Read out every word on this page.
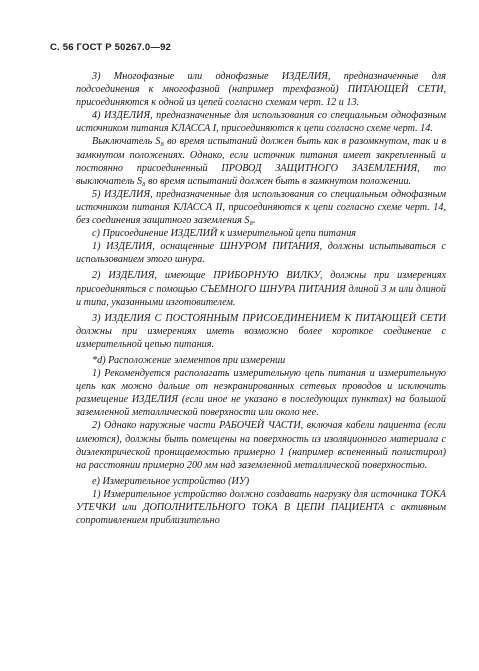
С. 56 ГОСТ Р 50267.0—92

3) Многофазные или однофазные ИЗДЕЛИЯ, предназначенные для подсоединения к многофазной (например трехфазной) ПИТАЮЩЕЙ СЕТИ, присоединяются к одной из цепей согласно схемам черт. 12 и 13.

4) ИЗДЕЛИЯ, предназначенные для использования со специальным однофазным источником питания КЛАССА I, присоединяются к цепи согласно схеме черт. 14.

Выключатель S₈ во время испытаний должен быть как в разомкнутом, так и в замкнутом положениях. Однако, если источник питания имеет закрепленный и постоянно присоединенный ПРОВОД ЗАЩИТНОГО ЗАЗЕМЛЕНИЯ, то выключатель S₈ во время испытаний должен быть в замкнутом положении.

5) ИЗДЕЛИЯ, предназначенные для использования со специальным однофазным источником питания КЛАССА II, присоединяются к цепи согласно схеме черт. 14, без соединения защитного заземления S₈.

c) Присоединение ИЗДЕЛИЙ к измерительной цепи питания

1) ИЗДЕЛИЯ, оснащенные ШНУРОМ ПИТАНИЯ, должны испытываться с использованием этого шнура.

2) ИЗДЕЛИЯ, имеющие ПРИБОРНУЮ ВИЛКУ, должны при измерениях присоединяться с помощью СЪЕМНОГО ШНУРА ПИТАНИЯ длиной 3 м или длиной и типа, указанными изготовителем.

3) ИЗДЕЛИЯ С ПОСТОЯННЫМ ПРИСОЕДИНЕНИЕМ К ПИТАЮЩЕЙ СЕТИ должны при измерениях иметь возможно более короткое соединение с измерительной цепью питания.

*d) Расположение элементов при измерении

1) Рекомендуется располагать измерительную цепь питания и измерительную цепь как можно дальше от неэкранированных сетевых проводов и исключить размещение ИЗДЕЛИЯ (если иное не указано в последующих пунктах) на большой заземленной металлической поверхности или около нее.

2) Однако наружные части РАБОЧЕЙ ЧАСТИ, включая кабели пациента (если имеются), должны быть помещены на поверхность из изоляционного материала с диэлектрической проницаемостью примерно 1 (например вспененный полистирол) на расстоянии примерно 200 мм над заземленной металлической поверхностью.

e) Измерительное устройство (ИУ)

1) Измерительное устройство должно создавать нагрузку для источника ТОКА УТЕЧКИ или ДОПОЛНИТЕЛЬНОГО ТОКА В ЦЕПИ ПАЦИЕНТА с активным сопротивлением приблизительно
